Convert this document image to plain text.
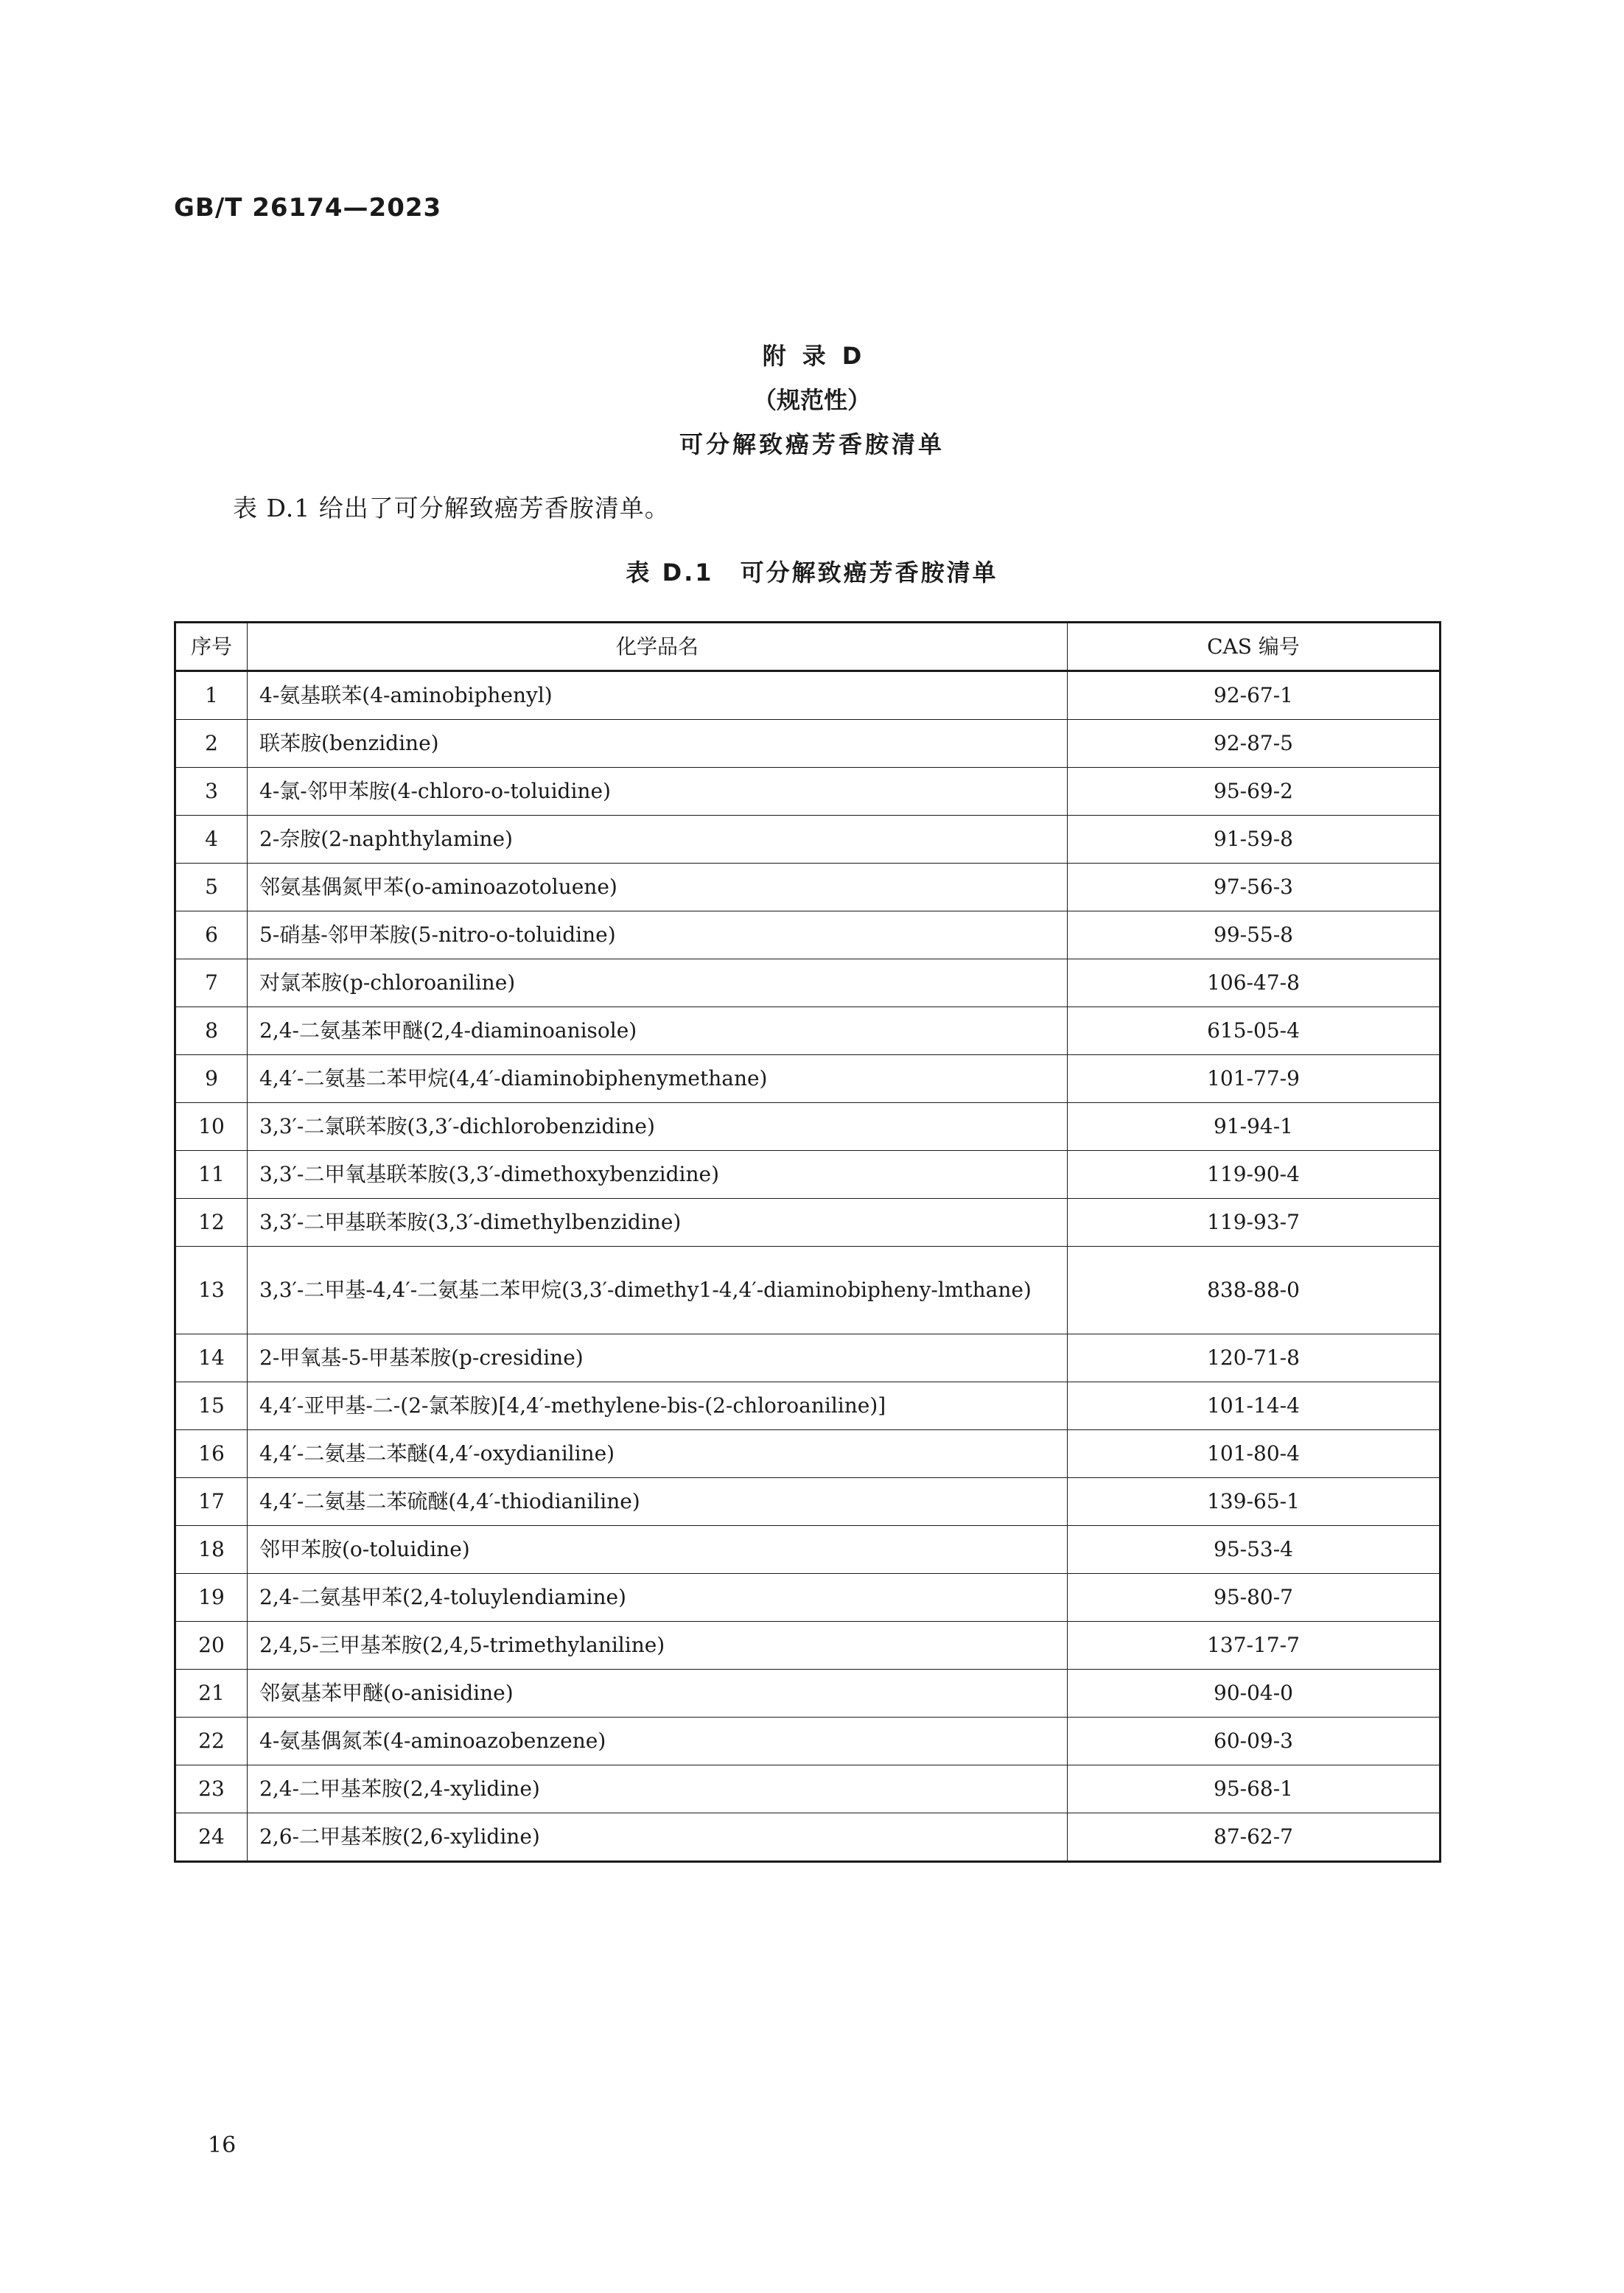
GB/T 26174—2023
附录D
（规范性）
可分解致癌芳香胺清单
表 D.1 给出了可分解致癌芳香胺清单。
表 D.1 可分解致癌芳香胺清单
序号	化学品名	CAS 编号
1	4-氨基联苯(4-aminobiphenyl)	92-67-1
2	联苯胺(benzidine)	92-87-5
3	4-氯-邻甲苯胺(4-chloro-o-toluidine)	95-69-2
4	2-奈胺(2-naphthylamine)	91-59-8
5	邻氨基偶氮甲苯(o-aminoazotoluene)	97-56-3
6	5-硝基-邻甲苯胺(5-nitro-o-toluidine)	99-55-8
7	对氯苯胺(p-chloroaniline)	106-47-8
8	2,4-二氨基苯甲醚(2,4-diaminoanisole)	615-05-4
9	4,4′-二氨基二苯甲烷(4,4′-diaminobiphenymethane)	101-77-9
10	3,3′-二氯联苯胺(3,3′-dichlorobenzidine)	91-94-1
11	3,3′-二甲氧基联苯胺(3,3′-dimethoxybenzidine)	119-90-4
12	3,3′-二甲基联苯胺(3,3′-dimethylbenzidine)	119-93-7
13	3,3′-二甲基-4,4′-二氨基二苯甲烷(3,3′-dimethy1-4,4′-diaminobipheny-lmthane)	838-88-0
14	2-甲氧基-5-甲基苯胺(p-cresidine)	120-71-8
15	4,4′-亚甲基-二-(2-氯苯胺)[4,4′-methylene-bis-(2-chloroaniline)]	101-14-4
16	4,4′-二氨基二苯醚(4,4′-oxydianiline)	101-80-4
17	4,4′-二氨基二苯硫醚(4,4′-thiodianiline)	139-65-1
18	邻甲苯胺(o-toluidine)	95-53-4
19	2,4-二氨基甲苯(2,4-toluylendiamine)	95-80-7
20	2,4,5-三甲基苯胺(2,4,5-trimethylaniline)	137-17-7
21	邻氨基苯甲醚(o-anisidine)	90-04-0
22	4-氨基偶氮苯(4-aminoazobenzene)	60-09-3
23	2,4-二甲基苯胺(2,4-xylidine)	95-68-1
24	2,6-二甲基苯胺(2,6-xylidine)	87-62-7
16
